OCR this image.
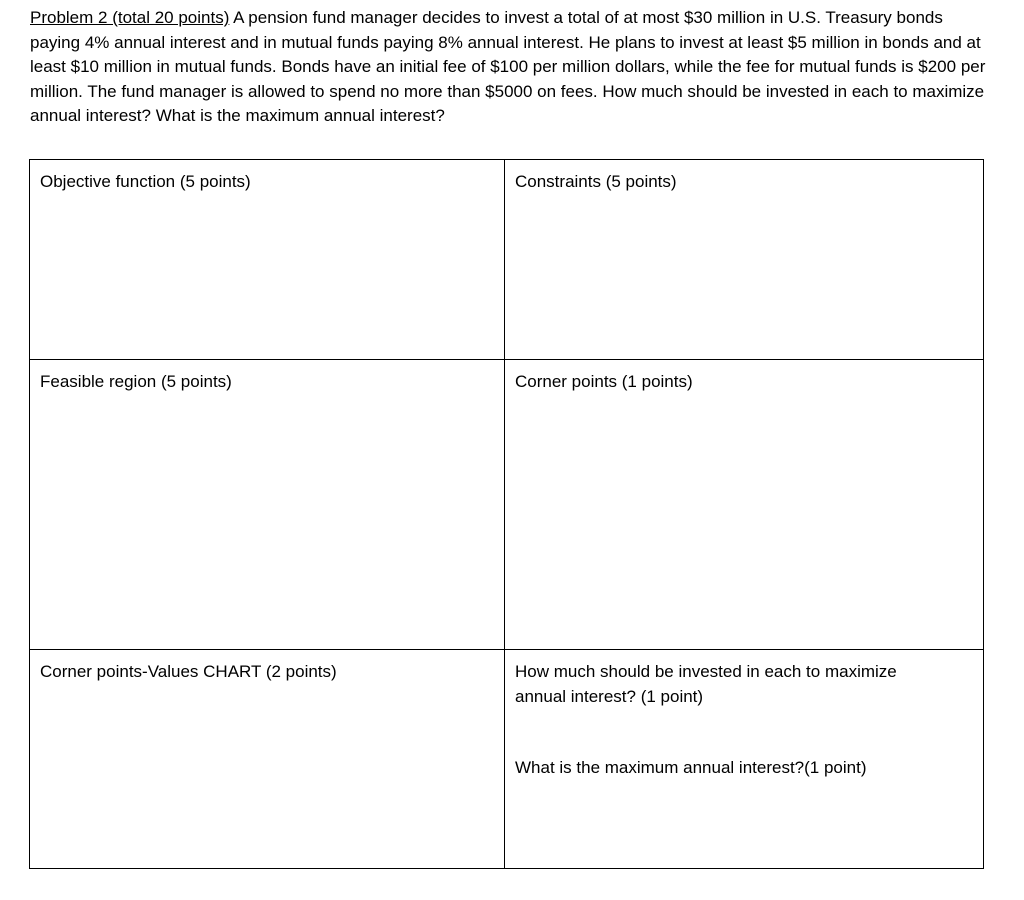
Problem 2 (total 20 points) A pension fund manager decides to invest a total of at most $30 million in U.S. Treasury bonds paying 4% annual interest and in mutual funds paying 8% annual interest. He plans to invest at least $5 million in bonds and at least $10 million in mutual funds. Bonds have an initial fee of $100 per million dollars, while the fee for mutual funds is $200 per million. The fund manager is allowed to spend no more than $5000 on fees. How much should be invested in each to maximize annual interest? What is the maximum annual interest?
Objective function (5 points)	Constraints (5 points)
Feasible region (5 points)	Corner points (1 points)
Corner points-Values CHART (2 points)	How much should be invested in each to maximize annual interest? (1 point)
What is the maximum annual interest?(1 point)
